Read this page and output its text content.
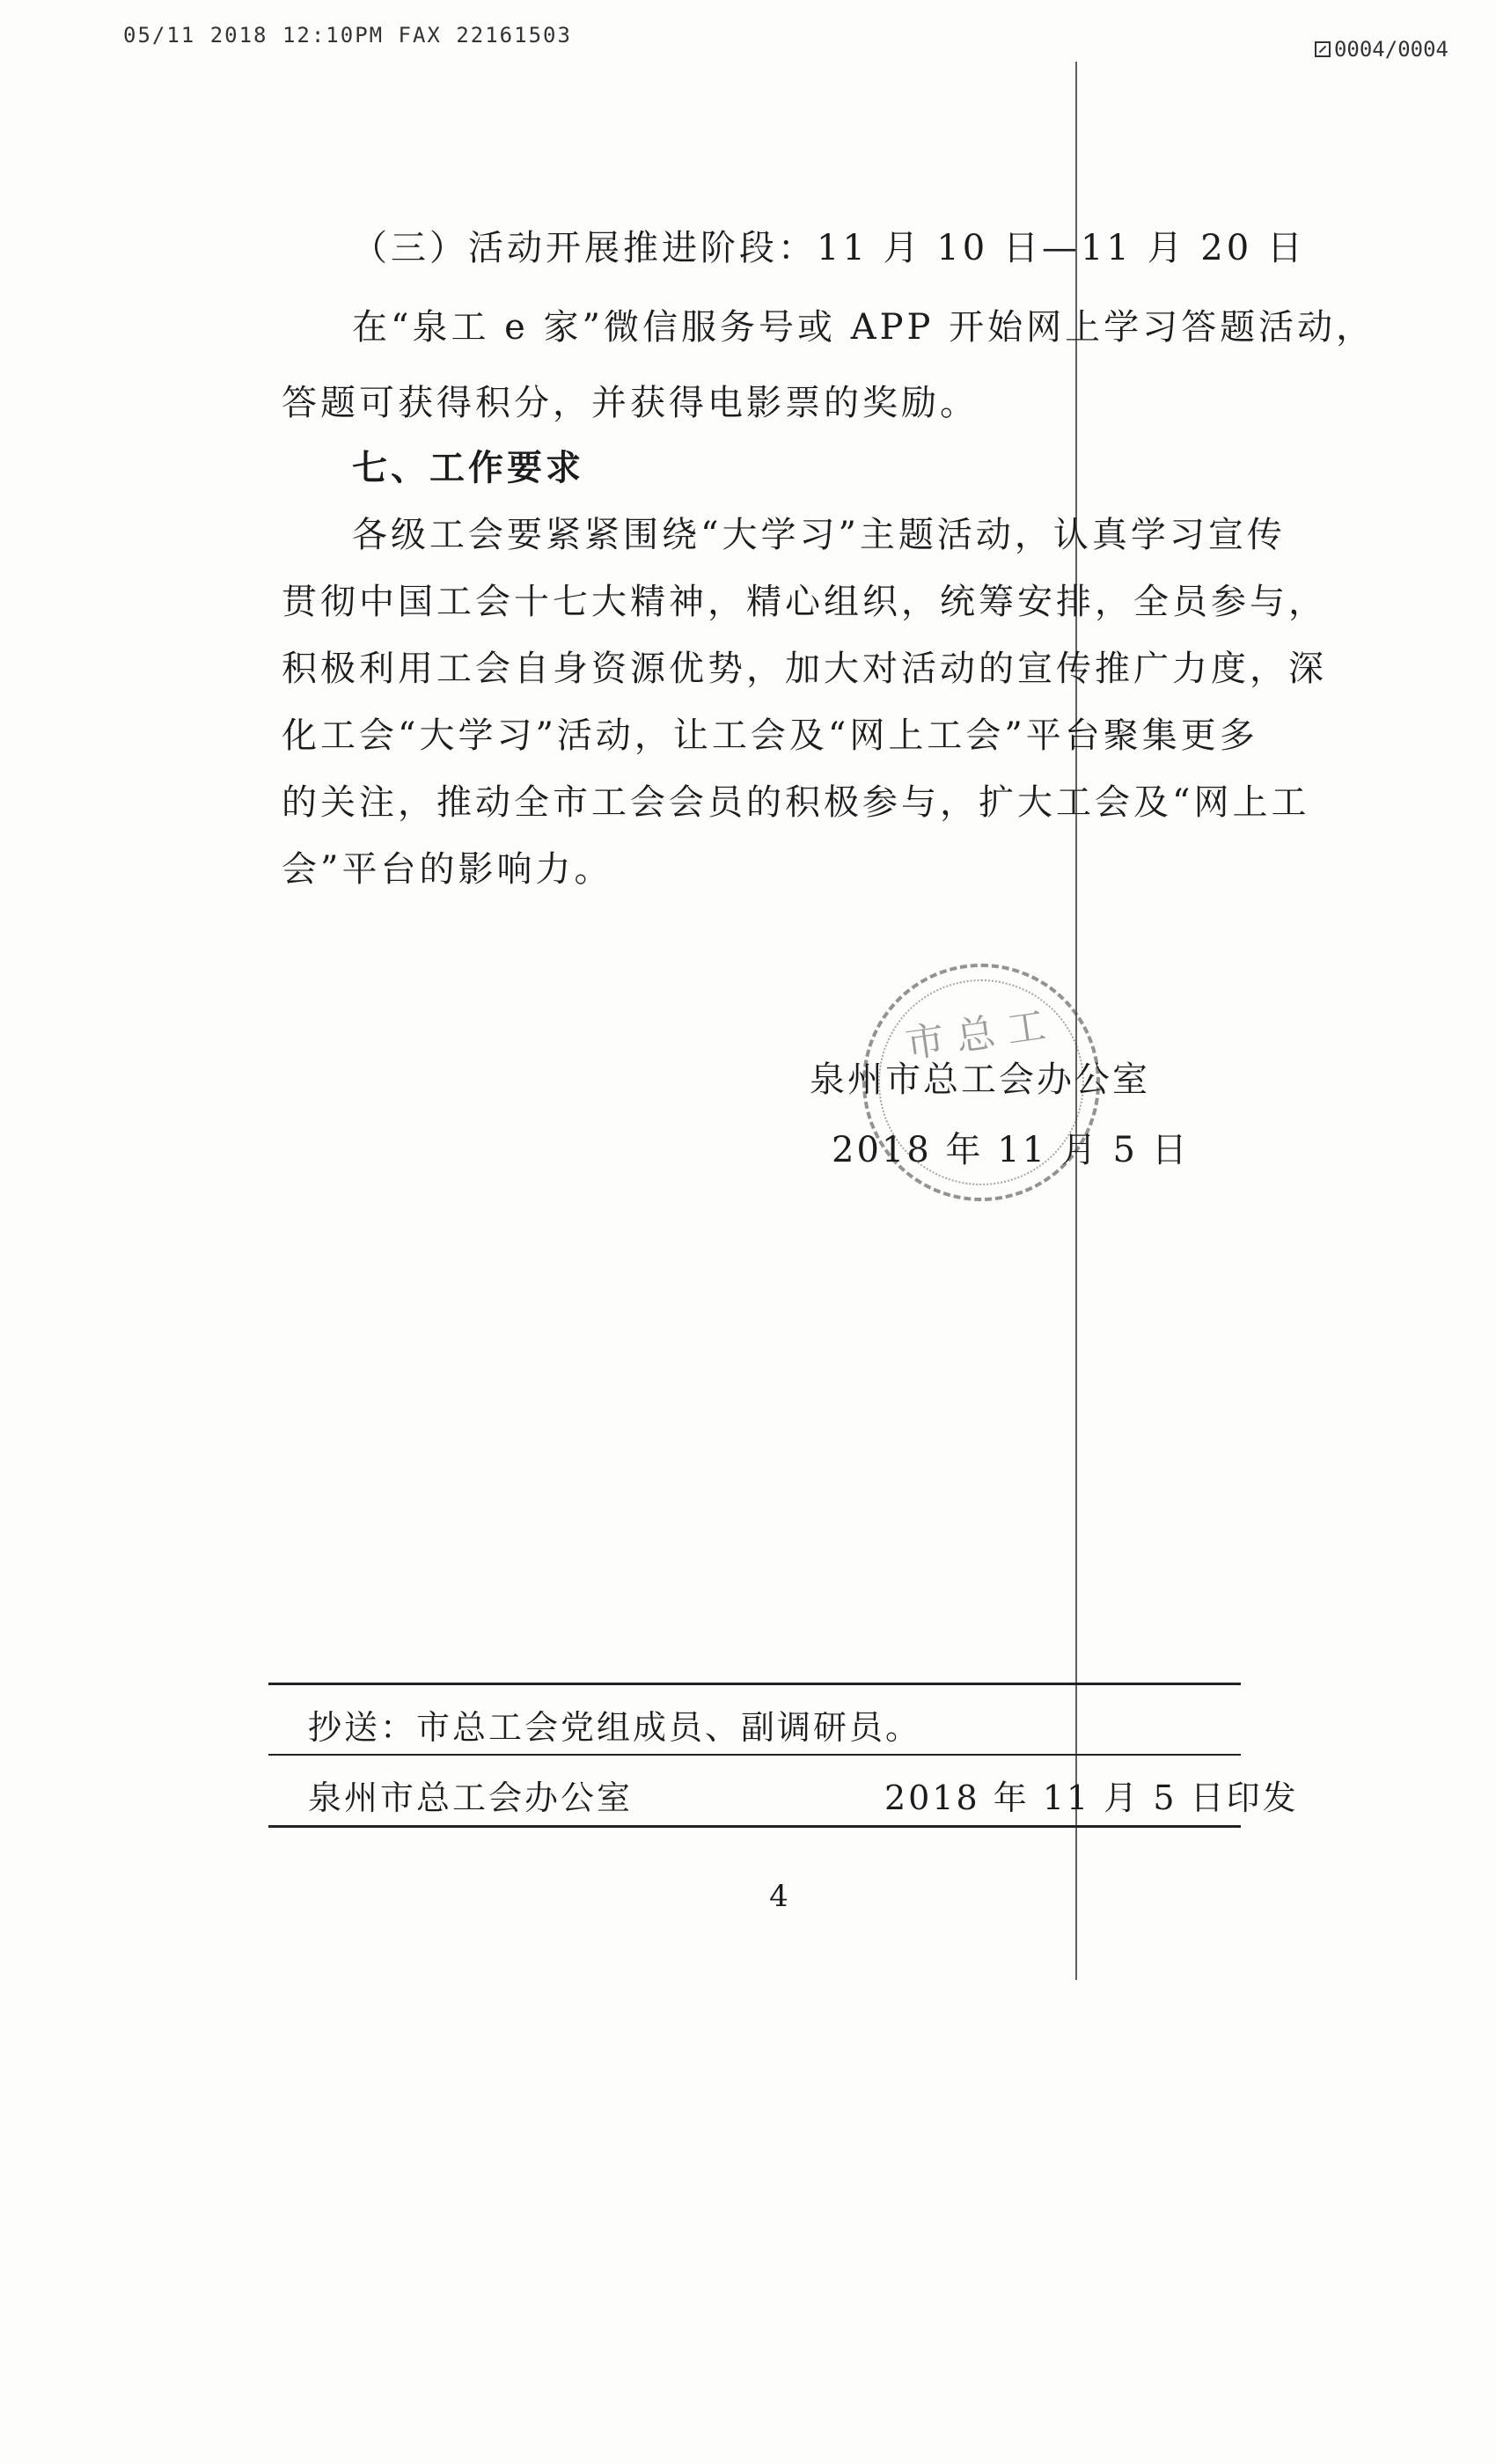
05/11 2018 12:10PM FAX 22161503
0004/0004
（三）活动开展推进阶段：11 月 10 日—11 月 20 日
在“泉工 e 家”微信服务号或 APP 开始网上学习答题活动，
答题可获得积分，并获得电影票的奖励。
七、工作要求
各级工会要紧紧围绕“大学习”主题活动，认真学习宣传
贯彻中国工会十七大精神，精心组织，统筹安排，全员参与，
积极利用工会自身资源优势，加大对活动的宣传推广力度，深
化工会“大学习”活动，让工会及“网上工会”平台聚集更多
的关注，推动全市工会会员的积极参与，扩大工会及“网上工
会”平台的影响力。
市总工
泉州市总工会办公室
2018 年 11 月 5 日
抄送：市总工会党组成员、副调研员。
泉州市总工会办公室	2018 年 11 月 5 日印发
4
